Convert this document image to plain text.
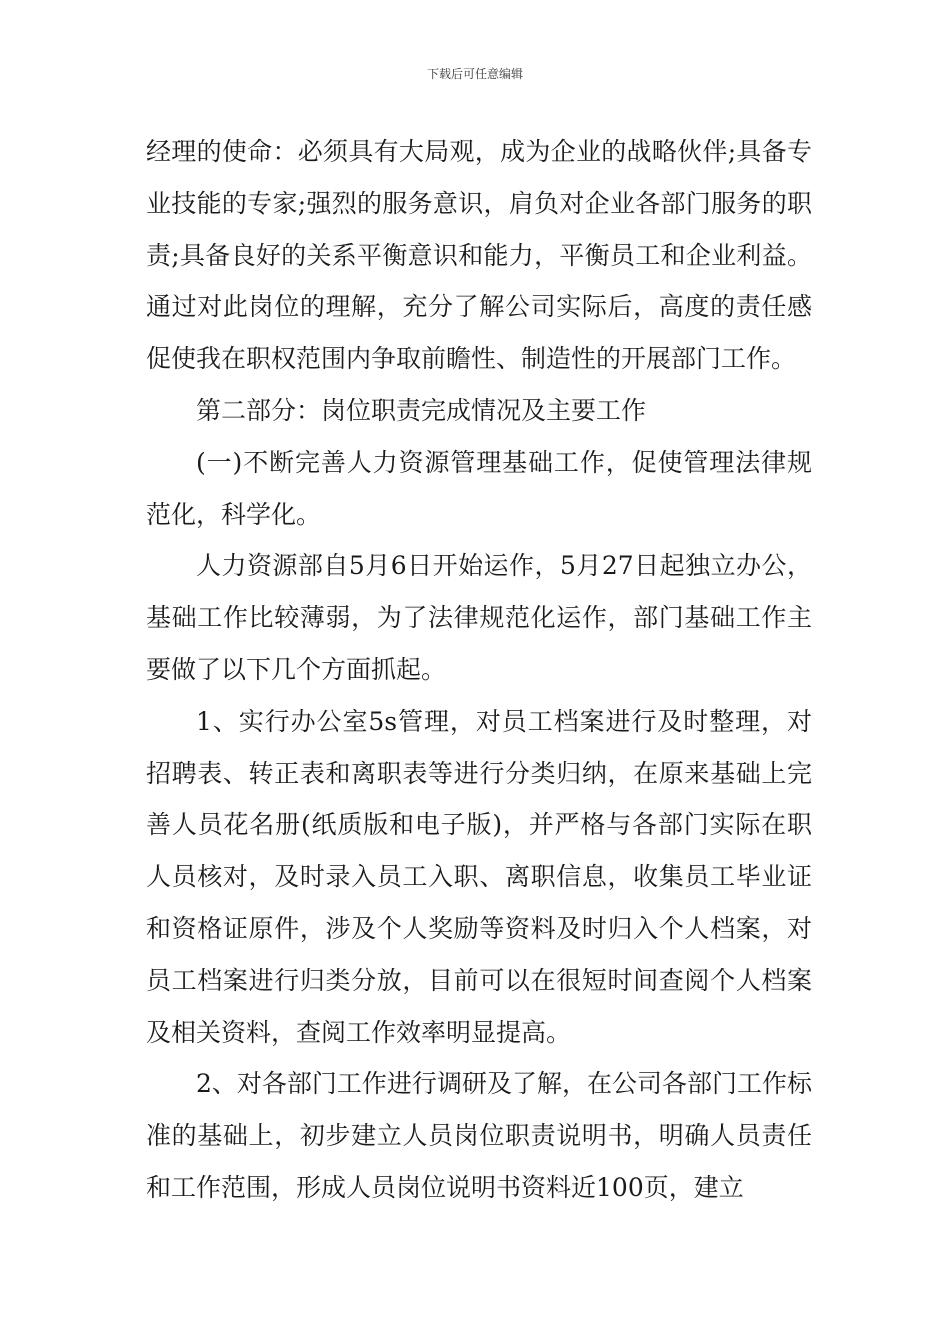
下载后可任意编辑

经理的使命：必须具有大局观，成为企业的战略伙伴;具备专业技能的专家;强烈的服务意识，肩负对企业各部门服务的职责;具备良好的关系平衡意识和能力，平衡员工和企业利益。通过对此岗位的理解，充分了解公司实际后，高度的责任感促使我在职权范围内争取前瞻性、制造性的开展部门工作。

第二部分：岗位职责完成情况及主要工作

(一)不断完善人力资源管理基础工作，促使管理法律规范化，科学化。

人力资源部自5月6日开始运作，5月27日起独立办公，基础工作比较薄弱，为了法律规范化运作，部门基础工作主要做了以下几个方面抓起。

1、实行办公室5s管理，对员工档案进行及时整理，对招聘表、转正表和离职表等进行分类归纳，在原来基础上完善人员花名册(纸质版和电子版)，并严格与各部门实际在职人员核对，及时录入员工入职、离职信息，收集员工毕业证和资格证原件，涉及个人奖励等资料及时归入个人档案，对员工档案进行归类分放，目前可以在很短时间查阅个人档案及相关资料，查阅工作效率明显提高。

2、对各部门工作进行调研及了解，在公司各部门工作标准的基础上，初步建立人员岗位职责说明书，明确人员责任和工作范围，形成人员岗位说明书资料近100页，建立
